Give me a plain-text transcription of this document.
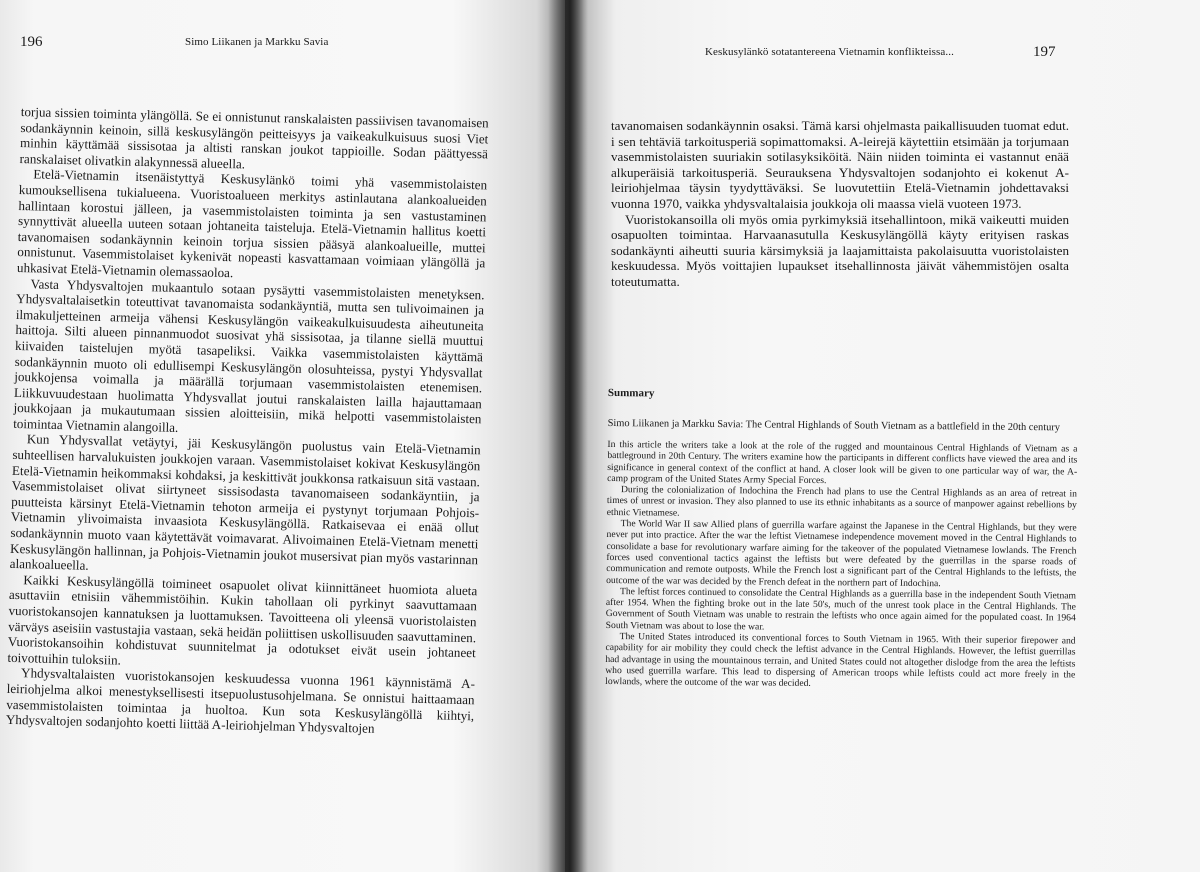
196	Simo Liikanen ja Markku Savia

torjua sissien toiminta ylängöllä. Se ei onnistunut ranskalaisten passiivisen tavanomaisen sodankäynnin keinoin, sillä keskusylängön peitteisyys ja vaikeakulkuisuus suosi Viet minhin käyttämää sissisotaa ja altisti ranskan joukot tappioille. Sodan päättyessä ranskalaiset olivatkin alakynnessä alueella.

Etelä-Vietnamin itsenäistyttyä Keskusylänkö toimi yhä vasemmistolaisten kumouksellisena tukialueena. Vuoristoalueen merkitys astinlautana alankoalueiden hallintaan korostui jälleen, ja vasemmistolaisten toiminta ja sen vastustaminen synnyttivät alueella uuteen sotaan johtaneita taisteluja. Etelä-Vietnamin hallitus koetti tavanomaisen sodankäynnin keinoin torjua sissien pääsyä alankoalueille, muttei onnistunut. Vasemmistolaiset kykenivät nopeasti kasvattamaan voimiaan ylängöllä ja uhkasivat Etelä-Vietnamin olemassaoloa.

Vasta Yhdysvaltojen mukaantulo sotaan pysäytti vasemmistolaisten menetyksen. Yhdysvaltalaisetkin toteuttivat tavanomaista sodankäyntiä, mutta sen tulivoimainen ja ilmakuljetteinen armeija vähensi Keskusylängön vaikeakulkuisuudesta aiheutuneita haittoja. Silti alueen pinnanmuodot suosivat yhä sissisotaa, ja tilanne siellä muuttui kiivaiden taistelujen myötä tasapeliksi. Vaikka vasemmistolaisten käyttämä sodankäynnin muoto oli edullisempi Keskusylängön olosuhteissa, pystyi Yhdysvallat joukkojensa voimalla ja määrällä torjumaan vasemmistolaisten etenemisen. Liikkuvuudestaan huolimatta Yhdysvallat joutui ranskalaisten lailla hajauttamaan joukkojaan ja mukautumaan sissien aloitteisiin, mikä helpotti vasemmistolaisten toimintaa Vietnamin alangoilla.

Kun Yhdysvallat vetäytyi, jäi Keskusylängön puolustus vain Etelä-Vietnamin suhteellisen harvalukuisten joukkojen varaan. Vasemmistolaiset kokivat Keskusylängön Etelä-Vietnamin heikommaksi kohdaksi, ja keskittivät joukkonsa ratkaisuun sitä vastaan. Vasemmistolaiset olivat siirtyneet sissisodasta tavanomaiseen sodankäyntiin, ja puutteista kärsinyt Etelä-Vietnamin tehoton armeija ei pystynyt torjumaan Pohjois-Vietnamin ylivoimaista invaasiota Keskusylängöllä. Ratkaisevaa ei enää ollut sodankäynnin muoto vaan käytettävät voimavarat. Alivoimainen Etelä-Vietnam menetti Keskusylängön hallinnan, ja Pohjois-Vietnamin joukot musersivat pian myös vastarinnan alankoalueella.

Kaikki Keskusylängöllä toimineet osapuolet olivat kiinnittäneet huomiota alueta asuttaviin etnisiin vähemmistöihin. Kukin tahollaan oli pyrkinyt saavuttamaan vuoristokansojen kannatuksen ja luottamuksen. Tavoitteena oli yleensä vuoristolaisten värväys aseisiin vastustajia vastaan, sekä heidän poliittisen uskollisuuden saavuttaminen. Vuoristokansoihin kohdistuvat suunnitelmat ja odotukset eivät usein johtaneet toivottuihin tuloksiin.

Yhdysvaltalaisten vuoristokansojen keskuudessa vuonna 1961 käynnistämä A-leiriohjelma alkoi menestyksellisesti itsepuolustusohjelmana. Se onnistui haittaamaan vasemmistolaisten toimintaa ja huoltoa. Kun sota Keskusylängöllä kiihtyi, Yhdysvaltojen sodanjohto koetti liittää A-leiriohjelman Yhdysvaltojen

Keskusylänkö sotatantereena Vietnamin konflikteissa...	197

tavanomaisen sodankäynnin osaksi. Tämä karsi ohjelmasta paikallisuuden tuomat edut. i sen tehtäviä tarkoitusperiä sopimattomaksi. A-leirejä käytettiin etsimään ja torjumaan vasemmistolaisten suuriakin sotilasyksiköitä. Näin niiden toiminta ei vastannut enää alkuperäisiä tarkoitusperiä. Seurauksena Yhdysvaltojen sodanjohto ei kokenut A-leiriohjelmaa täysin tyydyttäväksi. Se luovutettiin Etelä-Vietnamin johdettavaksi vuonna 1970, vaikka yhdysvaltalaisia joukkoja oli maassa vielä vuoteen 1973.

Vuoristokansoilla oli myös omia pyrkimyksiä itsehallintoon, mikä vaikeutti muiden osapuolten toimintaa. Harvaanasutulla Keskusylängöllä käyty erityisen raskas sodankäynti aiheutti suuria kärsimyksiä ja laajamittaista pakolaisuutta vuoristolaisten keskuudessa. Myös voittajien lupaukset itsehallinnosta jäivät vähemmistöjen osalta toteutumatta.

Summary

Simo Liikanen ja Markku Savia: The Central Highlands of South Vietnam as a battlefield in the 20th century

In this article the writers take a look at the role of the rugged and mountainous Central Highlands of Vietnam as a battleground in 20th Century. The writers examine how the participants in different conflicts have viewed the area and its significance in general context of the conflict at hand. A closer look will be given to one particular way of war, the A-camp program of the United States Army Special Forces.

During the colonialization of Indochina the French had plans to use the Central Highlands as an area of retreat in times of unrest or invasion. They also planned to use its ethnic inhabitants as a source of manpower against rebellions by ethnic Vietnamese.

The World War II saw Allied plans of guerrilla warfare against the Japanese in the Central Highlands, but they were never put into practice. After the war the leftist Vietnamese independence movement moved in the Central Highlands to consolidate a base for revolutionary warfare aiming for the takeover of the populated Vietnamese lowlands. The French forces used conventional tactics against the leftists but were defeated by the guerrillas in the sparse roads of communication and remote outposts. While the French lost a significant part of the Central Highlands to the leftists, the outcome of the war was decided by the French defeat in the northern part of Indochina.

The leftist forces continued to consolidate the Central Highlands as a guerrilla base in the independent South Vietnam after 1954. When the fighting broke out in the late 50's, much of the unrest took place in the Central Highlands. The Government of South Vietnam was unable to restrain the leftists who once again aimed for the populated coast. In 1964 South Vietnam was about to lose the war.

The United States introduced its conventional forces to South Vietnam in 1965. With their superior firepower and capability for air mobility they could check the leftist advance in the Central Highlands. However, the leftist guerrillas had advantage in using the mountainous terrain, and United States could not altogether dislodge from the area the leftists who used guerrilla warfare. This lead to dispersing of American troops while leftists could act more freely in the lowlands, where the outcome of the war was decided.
